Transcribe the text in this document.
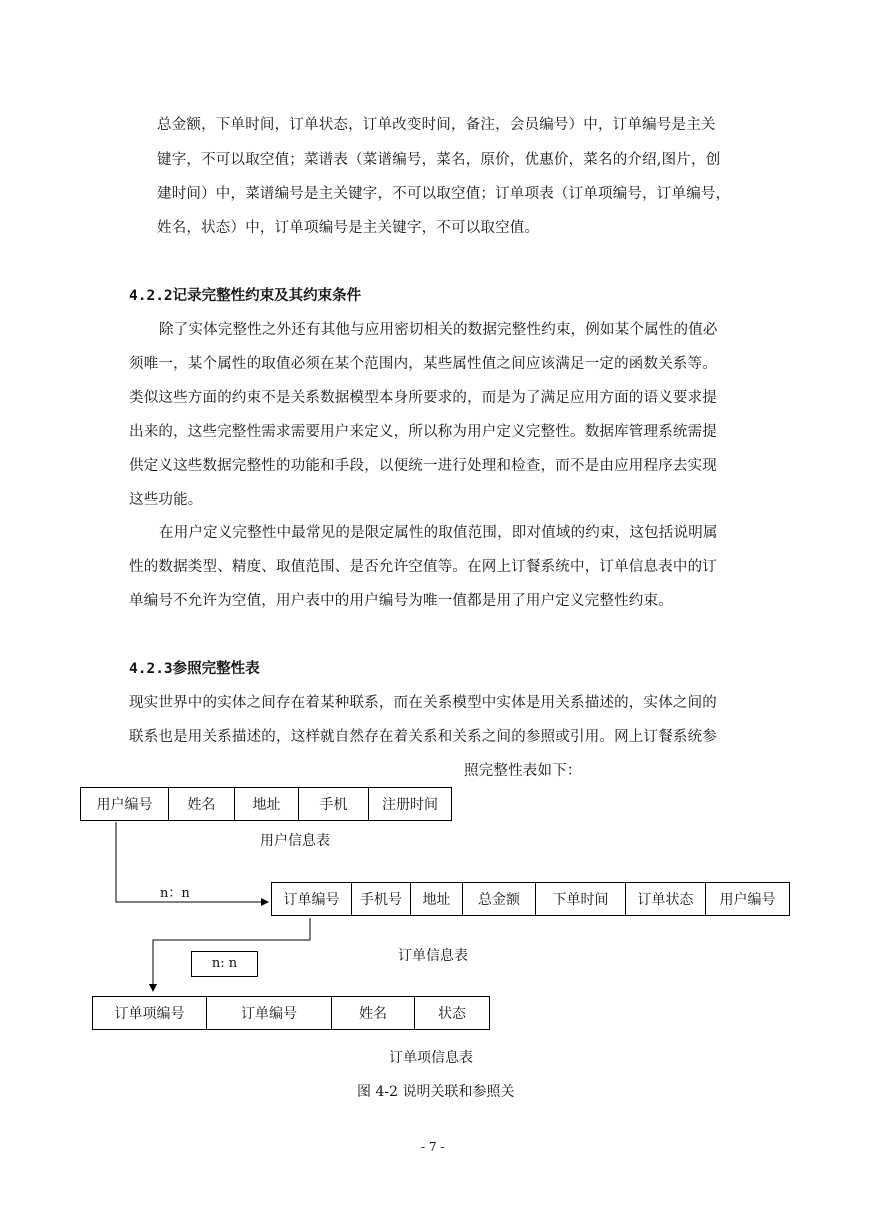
总金额，下单时间，订单状态，订单改变时间，备注，会员编号）中，订单编号是主关
键字，不可以取空值；菜谱表（菜谱编号，菜名，原价，优惠价，菜名的介绍,图片，创
建时间）中，菜谱编号是主关键字，不可以取空值；订单项表（订单项编号，订单编号，
姓名，状态）中，订单项编号是主关键字，不可以取空值。
4.2.2记录完整性约束及其约束条件
除了实体完整性之外还有其他与应用密切相关的数据完整性约束，例如某个属性的值必
须唯一，某个属性的取值必须在某个范围内，某些属性值之间应该满足一定的函数关系等。
类似这些方面的约束不是关系数据模型本身所要求的，而是为了满足应用方面的语义要求提
出来的，这些完整性需求需要用户来定义，所以称为用户定义完整性。数据库管理系统需提
供定义这些数据完整性的功能和手段，以便统一进行处理和检查，而不是由应用程序去实现
这些功能。
在用户定义完整性中最常见的是限定属性的取值范围，即对值域的约束，这包括说明属
性的数据类型、精度、取值范围、是否允许空值等。在网上订餐系统中，订单信息表中的订
单编号不允许为空值，用户表中的用户编号为唯一值都是用了用户定义完整性约束。
4.2.3参照完整性表
现实世界中的实体之间存在着某种联系，而在关系模型中实体是用关系描述的，实体之间的
联系也是用关系描述的，这样就自然存在着关系和关系之间的参照或引用。网上订餐系统参
照完整性表如下：
用户编号	姓名	地址	手机	注册时间
用户信息表
n：n	订单编号	手机号	地址	总金额	下单时间	订单状态	用户编号
订单信息表
n: n
订单项编号	订单编号	姓名	状态
订单项信息表
图 4-2 说明关联和参照关
- 7 -
